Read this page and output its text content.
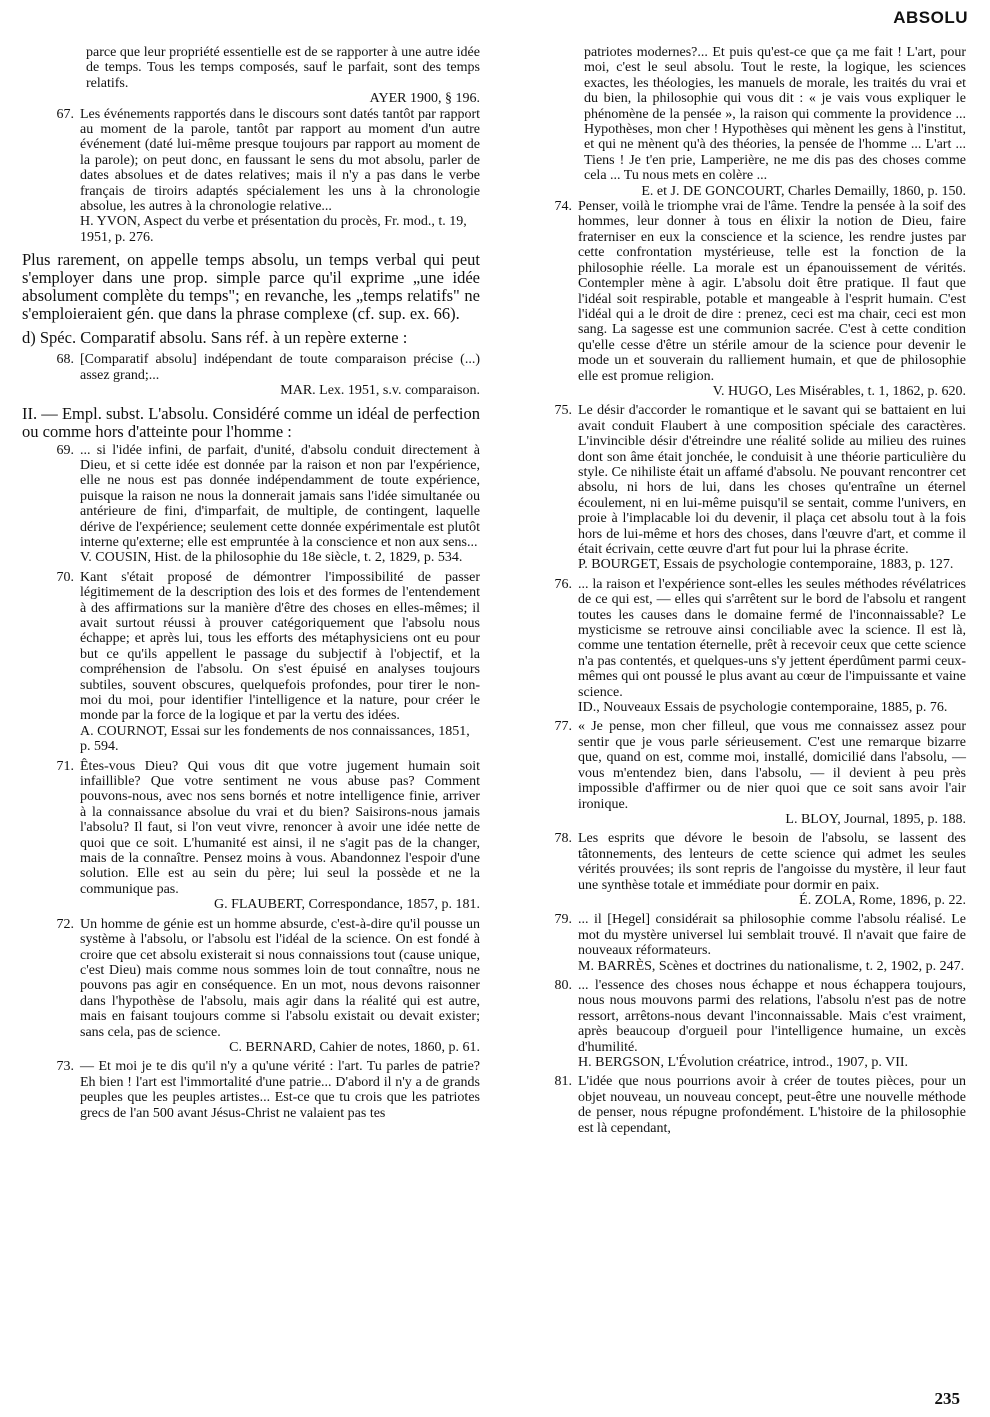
ABSOLU
parce que leur propriété essentielle est de se rapporter à une autre idée de temps. Tous les temps composés, sauf le parfait, sont des temps relatifs.
AYER 1900, § 196.
67. Les événements rapportés dans le discours sont datés tantôt par rapport au moment de la parole, tantôt par rapport au moment d'un autre événement (daté lui-même presque toujours par rapport au moment de la parole); on peut donc, en faussant le sens du mot absolu, parler de dates absolues et de dates relatives; mais il n'y a pas dans le verbe français de tiroirs adaptés spécialement les uns à la chronologie absolue, les autres à la chronologie relative...
H. YVON, Aspect du verbe et présentation du procès, Fr. mod., t. 19, 1951, p. 276.
Plus rarement, on appelle temps absolu, un temps verbal qui peut s'employer dans une prop. simple parce qu'il exprime „une idée absolument complète du temps"; en revanche, les „temps relatifs" ne s'emploieraient gén. que dans la phrase complexe (cf. sup. ex. 66).
d) Spéc. Comparatif absolu. Sans réf. à un repère externe :
68. [Comparatif absolu] indépendant de toute comparaison précise (...) assez grand;...
MAR. Lex. 1951, s.v. comparaison.
II. — Empl. subst. L'absolu. Considéré comme un idéal de perfection ou comme hors d'atteinte pour l'homme :
69. ... si l'idée infini, de parfait, d'unité, d'absolu conduit directement à Dieu, et si cette idée est donnée par la raison et non par l'expérience, elle ne nous est pas donnée indépendamment de toute expérience, puisque la raison ne nous la donnerait jamais sans l'idée simultanée ou antérieure de fini, d'imparfait, de multiple, de contingent, laquelle dérive de l'expérience; seulement cette donnée expérimentale est plutôt interne qu'externe; elle est empruntée à la conscience et non aux sens...
V. COUSIN, Hist. de la philosophie du 18e siècle, t. 2, 1829, p. 534.
70. Kant s'était proposé de démontrer l'impossibilité de passer légitimement de la description des lois et des formes de l'entendement à des affirmations sur la manière d'être des choses en elles-mêmes; il avait surtout réussi à prouver catégoriquement que l'absolu nous échappe; et après lui, tous les efforts des métaphysiciens ont eu pour but ce qu'ils appellent le passage du subjectif à l'objectif, et la compréhension de l'absolu. On s'est épuisé en analyses toujours subtiles, souvent obscures, quelquefois profondes, pour tirer le non-moi du moi, pour identifier l'intelligence et la nature, pour créer le monde par la force de la logique et par la vertu des idées.
A. COURNOT, Essai sur les fondements de nos connaissances, 1851, p. 594.
71. Êtes-vous Dieu? Qui vous dit que votre jugement humain soit infaillible? Que votre sentiment ne vous abuse pas? Comment pouvons-nous, avec nos sens bornés et notre intelligence finie, arriver à la connaissance absolue du vrai et du bien? Saisirons-nous jamais l'absolu? Il faut, si l'on veut vivre, renoncer à avoir une idée nette de quoi que ce soit. L'humanité est ainsi, il ne s'agit pas de la changer, mais de la connaître. Pensez moins à vous. Abandonnez l'espoir d'une solution. Elle est au sein du père; lui seul la possède et ne la communique pas.
G. FLAUBERT, Correspondance, 1857, p. 181.
72. Un homme de génie est un homme absurde, c'est-à-dire qu'il pousse un système à l'absolu, or l'absolu est l'idéal de la science. On est fondé à croire que cet absolu existerait si nous connaissions tout (cause unique, c'est Dieu) mais comme nous sommes loin de tout connaître, nous ne pouvons pas agir en conséquence. En un mot, nous devons raisonner dans l'hypothèse de l'absolu, mais agir dans la réalité qui est autre, mais en faisant toujours comme si l'absolu existait ou devait exister; sans cela, pas de science.
C. BERNARD, Cahier de notes, 1860, p. 61.
73. — Et moi je te dis qu'il n'y a qu'une vérité : l'art. Tu parles de patrie? Eh bien ! l'art est l'immortalité d'une patrie... D'abord il n'y a de grands peuples que les peuples artistes... Est-ce que tu crois que les patriotes grecs de l'an 500 avant Jésus-Christ ne valaient pas tes
patriotes modernes?... Et puis qu'est-ce que ça me fait ! L'art, pour moi, c'est le seul absolu. Tout le reste, la logique, les sciences exactes, les théologies, les manuels de morale, les traités du vrai et du bien, la philosophie qui vous dit : « je vais vous expliquer le phénomène de la pensée », la raison qui commente la providence ... Hypothèses, mon cher ! Hypothèses qui mènent les gens à l'institut, et qui ne mènent qu'à des théories, la pensée de l'homme ... L'art ... Tiens ! Je t'en prie, Lamperière, ne me dis pas des choses comme cela ... Tu nous mets en colère ...
E. et J. DE GONCOURT, Charles Demailly, 1860, p. 150.
74. Penser, voilà le triomphe vrai de l'âme. Tendre la pensée à la soif des hommes, leur donner à tous en élixir la notion de Dieu, faire fraterniser en eux la conscience et la science, les rendre justes par cette confrontation mystérieuse, telle est la fonction de la philosophie réelle. La morale est un épanouissement de vérités. Contempler mène à agir. L'absolu doit être pratique. Il faut que l'idéal soit respirable, potable et mangeable à l'esprit humain. C'est l'idéal qui a le droit de dire : prenez, ceci est ma chair, ceci est mon sang. La sagesse est une communion sacrée. C'est à cette condition qu'elle cesse d'être un stérile amour de la science pour devenir le mode un et souverain du ralliement humain, et que de philosophie elle est promue religion.
V. HUGO, Les Misérables, t. 1, 1862, p. 620.
75. Le désir d'accorder le romantique et le savant qui se battaient en lui avait conduit Flaubert à une composition spéciale des caractères. L'invincible désir d'étreindre une réalité solide au milieu des ruines dont son âme était jonchée, le conduisit à une théorie particulière du style. Ce nihiliste était un affamé d'absolu. Ne pouvant rencontrer cet absolu, ni hors de lui, dans les choses qu'entraîne un éternel écoulement, ni en lui-même puisqu'il se sentait, comme l'univers, en proie à l'implacable loi du devenir, il plaça cet absolu tout à la fois hors de lui-même et hors des choses, dans l'œuvre d'art, et comme il était écrivain, cette œuvre d'art fut pour lui la phrase écrite.
P. BOURGET, Essais de psychologie contemporaine, 1883, p. 127.
76. ... la raison et l'expérience sont-elles les seules méthodes révélatrices de ce qui est, — elles qui s'arrêtent sur le bord de l'absolu et rangent toutes les causes dans le domaine fermé de l'inconnaissable? Le mysticisme se retrouve ainsi conciliable avec la science. Il est là, comme une tentation éternelle, prêt à recevoir ceux que cette science n'a pas contentés, et quelques-uns s'y jettent éperdûment parmi ceux-mêmes qui ont poussé le plus avant au cœur de l'impuissante et vaine science.
ID., Nouveaux Essais de psychologie contemporaine, 1885, p. 76.
77. « Je pense, mon cher filleul, que vous me connaissez assez pour sentir que je vous parle sérieusement. C'est une remarque bizarre que, quand on est, comme moi, installé, domicilié dans l'absolu, — vous m'entendez bien, dans l'absolu, — il devient à peu près impossible d'affirmer ou de nier quoi que ce soit sans avoir l'air ironique.
L. BLOY, Journal, 1895, p. 188.
78. Les esprits que dévore le besoin de l'absolu, se lassent des tâtonnements, des lenteurs de cette science qui admet les seules vérités prouvées; ils sont repris de l'angoisse du mystère, il leur faut une synthèse totale et immédiate pour dormir en paix.
É. ZOLA, Rome, 1896, p. 22.
79. ... il [Hegel] considérait sa philosophie comme l'absolu réalisé. Le mot du mystère universel lui semblait trouvé. Il n'avait que faire de nouveaux réformateurs.
M. BARRÈS, Scènes et doctrines du nationalisme, t. 2, 1902, p. 247.
80. ... l'essence des choses nous échappe et nous échappera toujours, nous nous mouvons parmi des relations, l'absolu n'est pas de notre ressort, arrêtons-nous devant l'inconnaissable. Mais c'est vraiment, après beaucoup d'orgueil pour l'intelligence humaine, un excès d'humilité.
H. BERGSON, L'Évolution créatrice, introd., 1907, p. VII.
81. L'idée que nous pourrions avoir à créer de toutes pièces, pour un objet nouveau, un nouveau concept, peut-être une nouvelle méthode de penser, nous répugne profondément. L'histoire de la philosophie est là cependant,
235
